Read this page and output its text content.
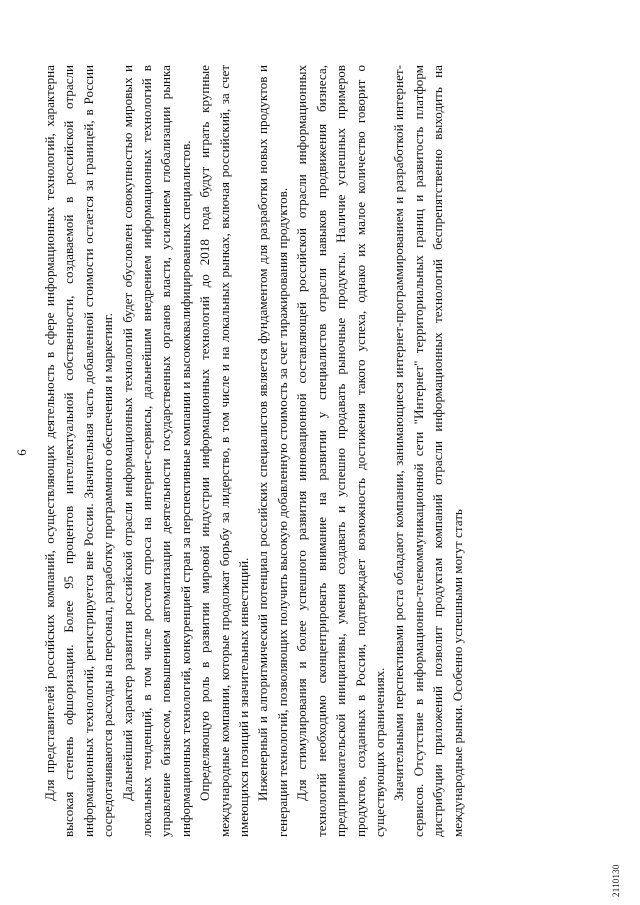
6 Для представителей российских компаний, осуществляющих деятельность в сфере информационных технологий, характерна высокая степень офшоризации. Более 95 процентов интеллектуальной собственности, создаваемой в российской отрасли информационных технологий, регистрируется вне России. Значительная часть добавленной стоимости остается за границей, в России сосредотачиваются расходы на персонал, разработку программного обеспечения и маркетинг. Дальнейший характер развития российской отрасли информационных технологий будет обусловлен совокупностью мировых и локальных тенденций, в том числе ростом спроса на интернет-сервисы, дальнейшим внедрением информационных технологий в управление бизнесом, повышением автоматизации деятельности государственных органов власти, усилением глобализации рынка информационных технологий, конкуренцией стран за перспективные компании и высококвалифицированных специалистов. Определяющую роль в развитии мировой индустрии информационных технологий до 2018 года будут играть крупные международные компании, которые продолжат борьбу за лидерство, в том числе и на локальных рынках, включая российский, за счет имеющихся позиций и значительных инвестиций. Инженерный и алгоритмический потенциал российских специалистов является фундаментом для разработки новых продуктов и генерации технологий, позволяющих получить высокую добавленную стоимость за счет тиражирования продуктов. Для стимулирования и более успешного развития инновационной составляющей российской отрасли информационных технологий необходимо сконцентрировать внимание на развитии у специалистов отрасли навыков продвижения бизнеса, предпринимательской инициативы, умения создавать и успешно продавать рыночные продукты. Наличие успешных примеров продуктов, созданных в России, подтверждает возможность достижения такого успеха, однако их малое количество говорит о существующих ограничениях. Значительными перспективами роста обладают компании, занимающиеся интернет-программированием и разработкой интернет-сервисов. Отсутствие в информационно-телекоммуникационной сети "Интернет" территориальных границ и развитость платформ дистрибуции приложений позволит продуктам компаний отрасли информационных технологий беспрепятственно выходить на международные рынки. Особенно успешными могут стать

2110130
